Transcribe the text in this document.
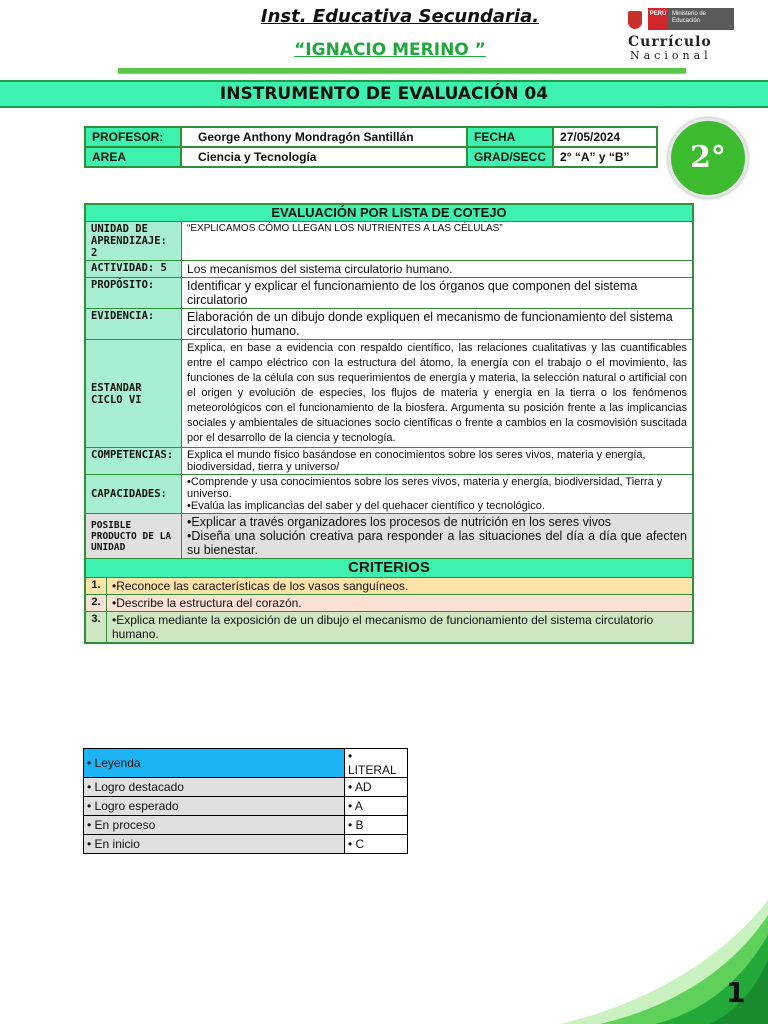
Inst. Educativa Secundaria.
“IGNACIO MERINO ”
PERÚ Ministerio de Educación
Currículo
Nacional
INSTRUMENTO DE EVALUACIÓN 04
PROFESOR:	George Anthony Mondragón Santillán	FECHA	27/05/2024
AREA	Ciencia y Tecnología	GRAD/SECC	2° “A” y “B”	2°
EVALUACIÓN POR LISTA DE COTEJO		
UNIDAD DE APRENDIZAJE: 2		“EXPLICAMOS CÓMO LLEGAN LOS NUTRIENTES A LAS CÉLULAS”
ACTIVIDAD: 5		Los mecanismos del sistema circulatorio humano.
PROPÓSITO:		Identificar y explicar el funcionamiento de los órganos que componen del sistema circulatorio
EVIDENCIA:		Elaboración de un dibujo donde expliquen el mecanismo de funcionamiento del sistema circulatorio humano.
ESTANDAR CICLO VI		Explica, en base a evidencia con respaldo científico, las relaciones cualitativas y las cuantificables entre el campo eléctrico con la estructura del átomo, la energía con el trabajo o el movimiento, las funciones de la célula con sus requerimientos de energía y materia, la selección natural o artificial con el origen y evolución de especies, los flujos de materia y energía en la tierra o los fenómenos meteorológicos con el funcionamiento de la biosfera. Argumenta su posición frente a las implicancias sociales y ambientales de situaciones socio científicas o frente a cambios en la cosmovisión suscitada por el desarrollo de la ciencia y tecnología.
COMPETENCIAS:		Explica el mundo físico basándose en conocimientos sobre los seres vivos, materia y energía, biodiversidad, tierra y universo/
CAPACIDADES:		•Comprende y usa conocimientos sobre los seres vivos, materia y energía, biodiversidad, Tierra y universo.
•Evalúa las implicancias del saber y del quehacer científico y tecnológico.

POSIBLE PRODUCTO DE LA UNIDAD		•Explicar a través organizadores los procesos de nutrición en los seres vivos
•Diseña una solución creativa para responder a las situaciones del día a día que afecten su bienestar.

CRITERIOS		
1.	•Reconoce las características de los vasos sanguíneos.	
2.	•Describe la estructura del corazón.	
3.	•Explica mediante la exposición de un dibujo el mecanismo de funcionamiento del sistema circulatorio humano.	
• Leyenda	• LITERAL
• Logro destacado	• AD
• Logro esperado	• A
• En proceso	• B
• En inicio	• C
1
